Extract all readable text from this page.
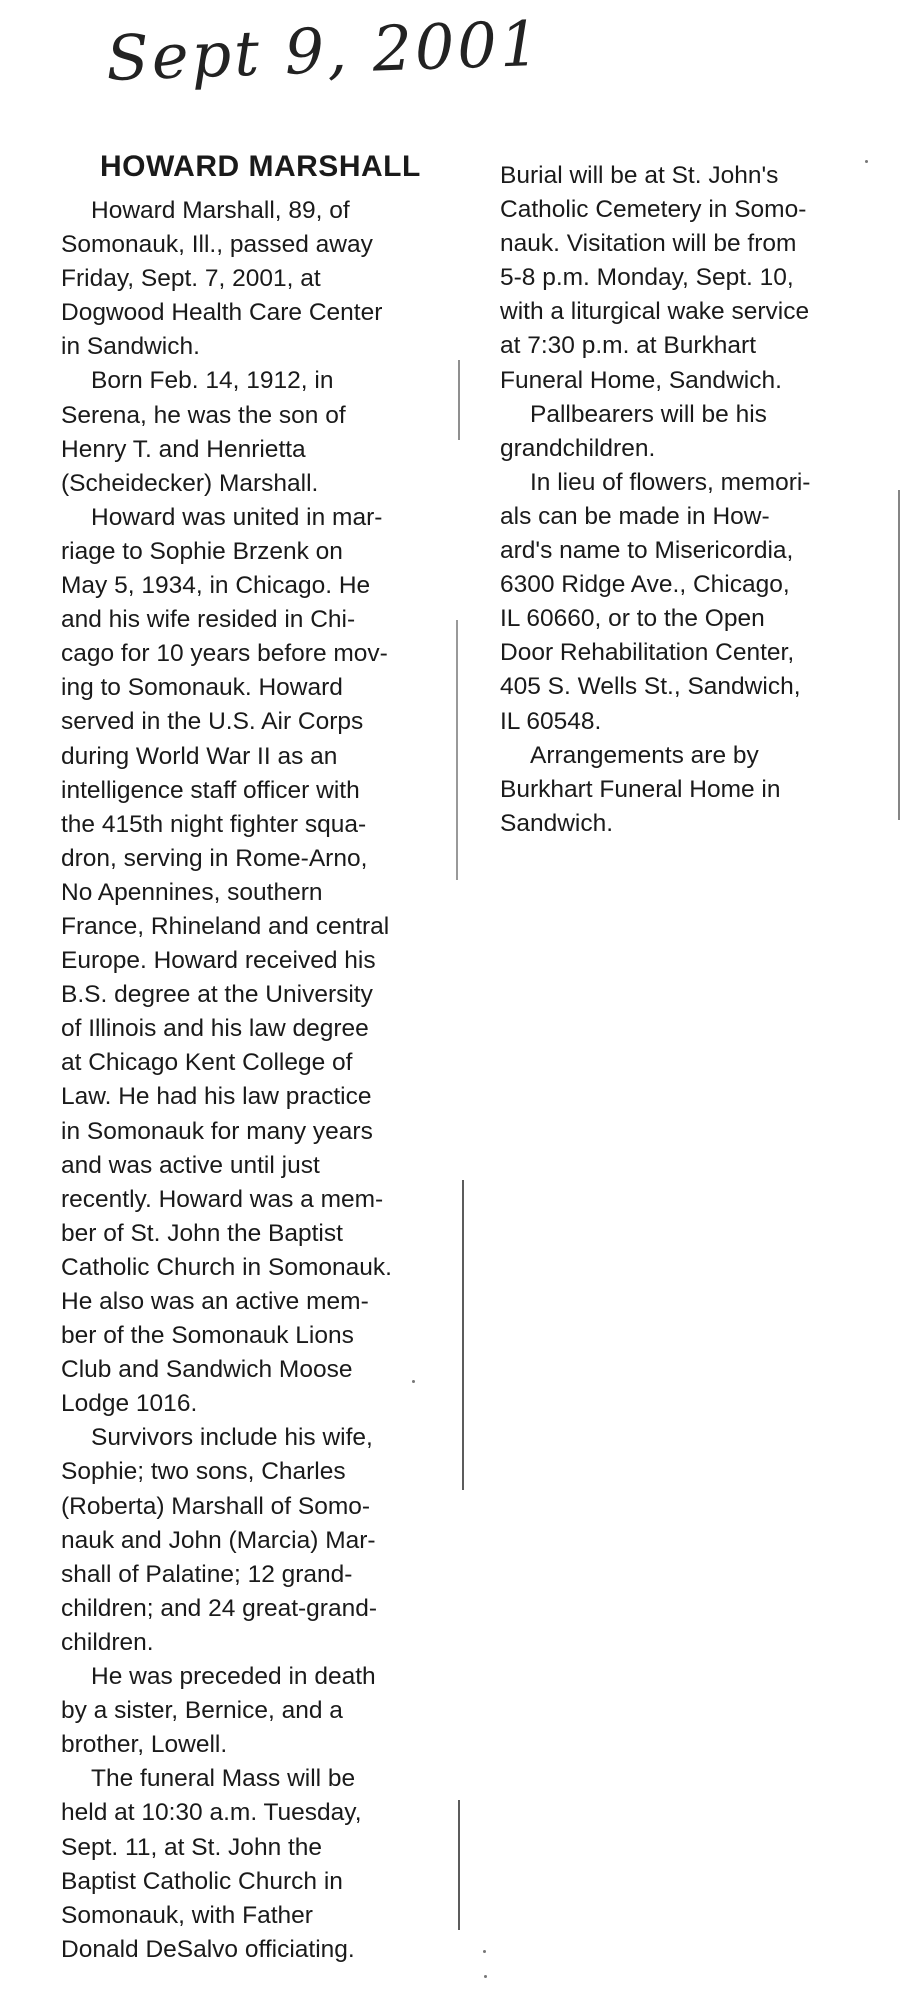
Sept 9, 2001
HOWARD MARSHALL
Howard Marshall, 89, of
Somonauk, Ill., passed away
Friday, Sept. 7, 2001, at
Dogwood Health Care Center
in Sandwich.
Born Feb. 14, 1912, in
Serena, he was the son of
Henry T. and Henrietta
(Scheidecker) Marshall.
Howard was united in mar-
riage to Sophie Brzenk on
May 5, 1934, in Chicago. He
and his wife resided in Chi-
cago for 10 years before mov-
ing to Somonauk. Howard
served in the U.S. Air Corps
during World War II as an
intelligence staff officer with
the 415th night fighter squa-
dron, serving in Rome-Arno,
No Apennines, southern
France, Rhineland and central
Europe. Howard received his
B.S. degree at the University
of Illinois and his law degree
at Chicago Kent College of
Law. He had his law practice
in Somonauk for many years
and was active until just
recently. Howard was a mem-
ber of St. John the Baptist
Catholic Church in Somonauk.
He also was an active mem-
ber of the Somonauk Lions
Club and Sandwich Moose
Lodge 1016.
Survivors include his wife,
Sophie; two sons, Charles
(Roberta) Marshall of Somo-
nauk and John (Marcia) Mar-
shall of Palatine; 12 grand-
children; and 24 great-grand-
children.
He was preceded in death
by a sister, Bernice, and a
brother, Lowell.
The funeral Mass will be
held at 10:30 a.m. Tuesday,
Sept. 11, at St. John the
Baptist Catholic Church in
Somonauk, with Father
Donald DeSalvo officiating.
Burial will be at St. John's
Catholic Cemetery in Somo-
nauk. Visitation will be from
5-8 p.m. Monday, Sept. 10,
with a liturgical wake service
at 7:30 p.m. at Burkhart
Funeral Home, Sandwich.
Pallbearers will be his
grandchildren.
In lieu of flowers, memori-
als can be made in How-
ard's name to Misericordia,
6300 Ridge Ave., Chicago,
IL 60660, or to the Open
Door Rehabilitation Center,
405 S. Wells St., Sandwich,
IL 60548.
Arrangements are by
Burkhart Funeral Home in
Sandwich.
